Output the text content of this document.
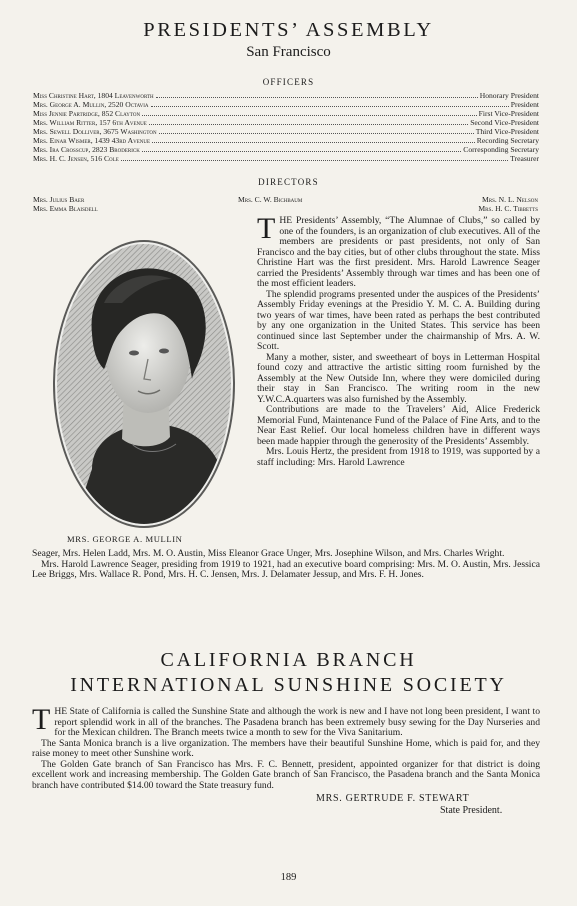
PRESIDENTS’ ASSEMBLY
San Francisco
OFFICERS
Miss Christine Hart, 1804 Leavenworth	Honorary President
Mrs. George A. Mullin, 2520 Octavia	President
Miss Jennie Partridge, 852 Clayton	First Vice-President
Mrs. William Ritter, 157 6th Avenue	Second Vice-President
Mrs. Sewell Dolliver, 3675 Washington	Third Vice-President
Mrs. Einar Wismer, 1439 43rd Avenue	Recording Secretary
Mrs. Ira Crosscup, 2823 Broderick	Corresponding Secretary
Mrs. H. C. Jensen, 516 Cole	Treasurer
DIRECTORS
Mrs. Julius Baer
Mrs. Emma Blaisdell
Mrs. C. W. Bichbaum	Mrs. N. L. Nelson
Mrs. H. C. Tibbetts
MRS. GEORGE A. MULLIN

THE Presidents’ Assembly, “The Alumnae of Clubs,” so called by one of the founders, is an organization of club executives. All of the members are presidents or past presidents, not only of San Francisco and the bay cities, but of other clubs throughout the state. Miss Christine Hart was the first president. Mrs. Harold Lawrence Seager carried the Presidents’ Assembly through war times and has been one of the most efficient leaders.

The splendid programs presented under the auspices of the Presidents’ Assembly Friday evenings at the Presidio Y. M. C. A. Building during two years of war times, have been rated as perhaps the best contributed by any one organization in the United States. This service has been continued since last September under the chairmanship of Mrs. A. W. Scott.

Many a mother, sister, and sweetheart of boys in Letterman Hospital found cozy and attractive the artistic sitting room furnished by the Assembly at the New Outside Inn, where they were domiciled during their stay in San Francisco. The writing room in the new Y.W.C.A.quarters was also furnished by the Assembly.

Contributions are made to the Travelers’ Aid, Alice Frederick Memorial Fund, Maintenance Fund of the Palace of Fine Arts, and to the Near East Relief. Our local homeless children have in different ways been made happier through the generosity of the Presidents’ Assembly.

Mrs. Louis Hertz, the president from 1918 to 1919, was supported by a staff including: Mrs. Harold Lawrence

Seager, Mrs. Helen Ladd, Mrs. M. O. Austin, Miss Eleanor Grace Unger, Mrs. Josephine Wilson, and Mrs. Charles Wright.

Mrs. Harold Lawrence Seager, presiding from 1919 to 1921, had an executive board comprising: Mrs. M. O. Austin, Mrs. Jessica Lee Briggs, Mrs. Wallace R. Pond, Mrs. H. C. Jensen, Mrs. J. Delamater Jessup, and Mrs. F. H. Jones.

CALIFORNIA BRANCH
INTERNATIONAL SUNSHINE SOCIETY

THE State of California is called the Sunshine State and although the work is new and I have not long been president, I want to report splendid work in all of the branches. The Pasadena branch has been extremely busy sewing for the Day Nurseries and for the Mexican children. The Branch meets twice a month to sew for the Viva Sanitarium.

The Santa Monica branch is a live organization. The members have their beautiful Sunshine Home, which is paid for, and they raise money to meet other Sunshine work.

The Golden Gate branch of San Francisco has Mrs. F. C. Bennett, president, appointed organizer for that district is doing excellent work and increasing membership. The Golden Gate branch of San Francisco, the Pasadena branch and the Santa Monica branch have contributed $14.00 toward the State treasury fund.

MRS. GERTRUDE F. STEWART
State President.
189
